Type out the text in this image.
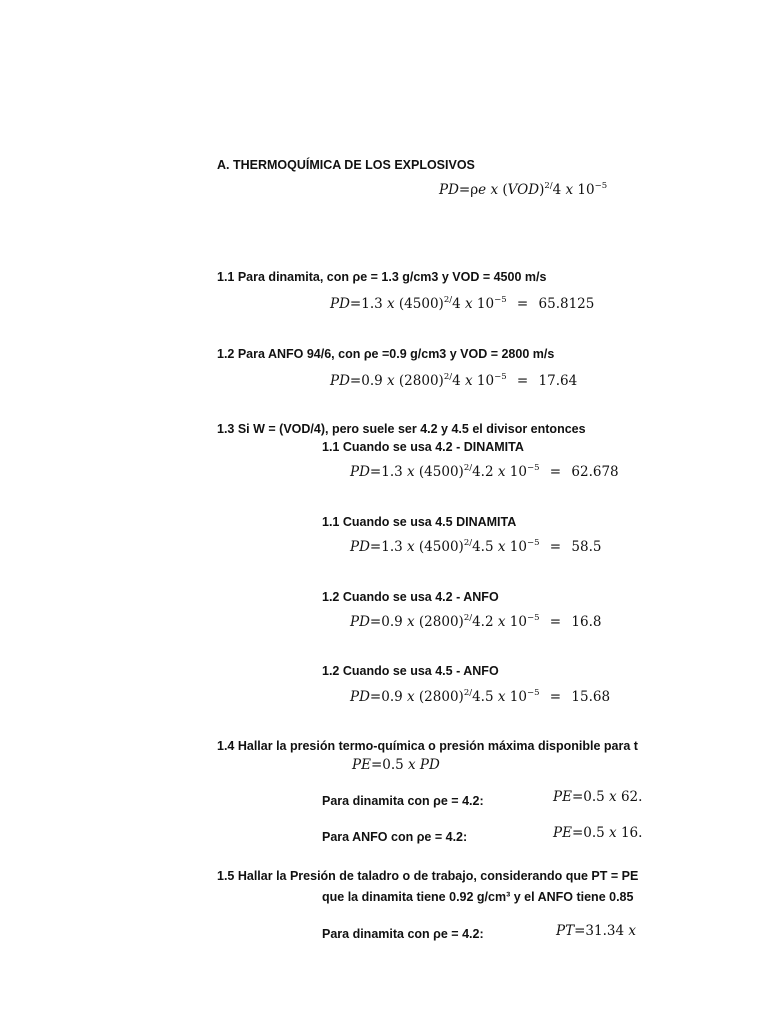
A. THERMOQUÍMICA DE LOS EXPLOSIVOS
PD=ρe x (VOD)$^{2/}$4 x $10^{-5}$
1.1 Para dinamita, con ρe = 1.3 g/cm3 y VOD = 4500 m/s
PD=1.3 x $(4500)^{2/}4$ x $10^{-5} = 65.8125$
1.2 Para ANFO 94/6, con ρe =0.9 g/cm3 y VOD = 2800 m/s
PD=0.9 x $(2800)^{2/}4$ x $10^{-5} = 17.64$
1.3 Si W = (VOD/4), pero suele ser 4.2 y 4.5 el divisor entonces
1.1 Cuando se usa 4.2 - DINAMITA
PD=1.3 x $(4500)^{2/}4.2$ x $10^{-5} = 62.678$
1.1 Cuando se usa 4.5 DINAMITA
PD=1.3 x $(4500)^{2/}4.5$ x $10^{-5} = 58.5$
1.2 Cuando se usa 4.2 - ANFO
PD=0.9 x $(2800)^{2/}4.2$ x $10^{-5} = 16.8$
1.2 Cuando se usa 4.5 - ANFO
PD=0.9 x $(2800)^{2/}4.5$ x $10^{-5} = 15.68$
1.4 Hallar la presión termo-química o presión máxima disponible para t
PE=0.5 x PD
Para dinamita con ρe = 4.2:	PE=0.5 x 62.
Para ANFO con ρe = 4.2:	PE=0.5 x 16.
1.5 Hallar la Presión de taladro o de trabajo, considerando que PT = PE
que la dinamita tiene 0.92 g/cm³ y el ANFO tiene 0.85
Para dinamita con ρe = 4.2:	PT=31.34 x
